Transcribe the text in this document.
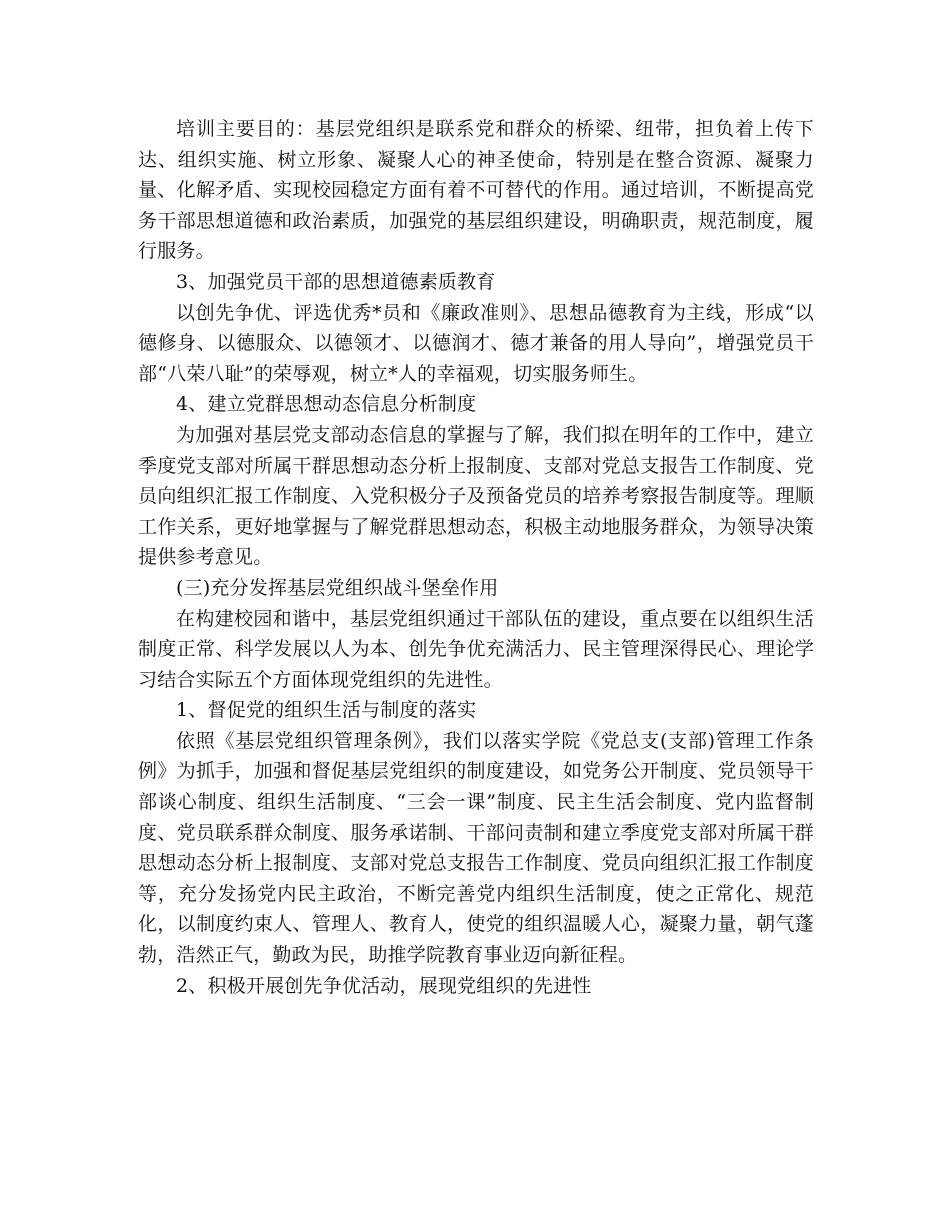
培训主要目的：基层党组织是联系党和群众的桥梁、纽带，担负着上传下达、组织实施、树立形象、凝聚人心的神圣使命，特别是在整合资源、凝聚力量、化解矛盾、实现校园稳定方面有着不可替代的作用。通过培训，不断提高党务干部思想道德和政治素质，加强党的基层组织建设，明确职责，规范制度，履行服务。

3、加强党员干部的思想道德素质教育

以创先争优、评选优秀*员和《廉政准则》、思想品德教育为主线，形成“以德修身、以德服众、以德领才、以德润才、德才兼备的用人导向”，增强党员干部“八荣八耻”的荣辱观，树立*人的幸福观，切实服务师生。

4、建立党群思想动态信息分析制度

为加强对基层党支部动态信息的掌握与了解，我们拟在明年的工作中，建立季度党支部对所属干群思想动态分析上报制度、支部对党总支报告工作制度、党员向组织汇报工作制度、入党积极分子及预备党员的培养考察报告制度等。理顺工作关系，更好地掌握与了解党群思想动态，积极主动地服务群众，为领导决策提供参考意见。

(三)充分发挥基层党组织战斗堡垒作用

在构建校园和谐中，基层党组织通过干部队伍的建设，重点要在以组织生活制度正常、科学发展以人为本、创先争优充满活力、民主管理深得民心、理论学习结合实际五个方面体现党组织的先进性。

1、督促党的组织生活与制度的落实

依照《基层党组织管理条例》，我们以落实学院《党总支(支部)管理工作条例》为抓手，加强和督促基层党组织的制度建设，如党务公开制度、党员领导干部谈心制度、组织生活制度、“三会一课”制度、民主生活会制度、党内监督制度、党员联系群众制度、服务承诺制、干部问责制和建立季度党支部对所属干群思想动态分析上报制度、支部对党总支报告工作制度、党员向组织汇报工作制度等，充分发扬党内民主政治，不断完善党内组织生活制度，使之正常化、规范化，以制度约束人、管理人、教育人，使党的组织温暖人心，凝聚力量，朝气蓬勃，浩然正气，勤政为民，助推学院教育事业迈向新征程。

2、积极开展创先争优活动，展现党组织的先进性
